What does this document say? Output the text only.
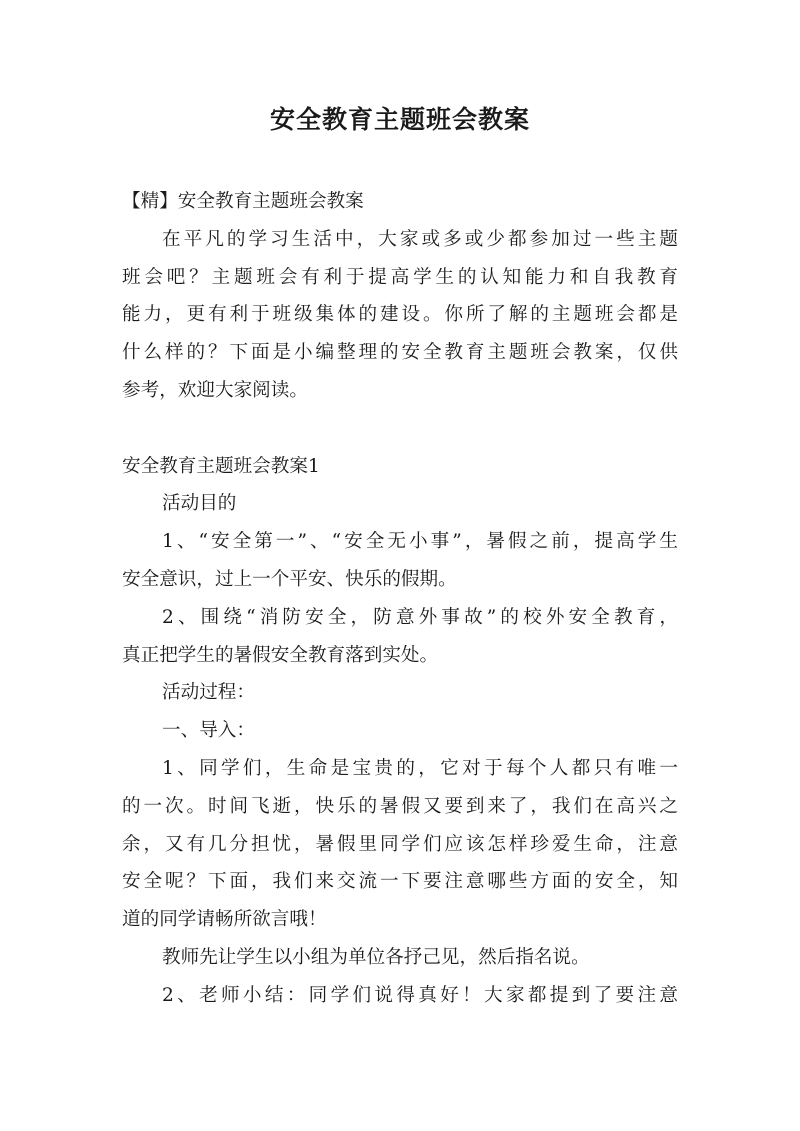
安全教育主题班会教案
【精】安全教育主题班会教案
在平凡的学习生活中，大家或多或少都参加过一些主题
班会吧？主题班会有利于提高学生的认知能力和自我教育
能力，更有利于班级集体的建设。你所了解的主题班会都是
什么样的？下面是小编整理的安全教育主题班会教案，仅供
参考，欢迎大家阅读。
安全教育主题班会教案1
活动目的
1、“安全第一”、“安全无小事”，暑假之前，提高学生
安全意识，过上一个平安、快乐的假期。
2、围绕“消防安全，防意外事故”的校外安全教育，
真正把学生的暑假安全教育落到实处。
活动过程：
一、导入：
1、同学们，生命是宝贵的，它对于每个人都只有唯一
的一次。时间飞逝，快乐的暑假又要到来了，我们在高兴之
余，又有几分担忧，暑假里同学们应该怎样珍爱生命，注意
安全呢？下面，我们来交流一下要注意哪些方面的安全，知
道的同学请畅所欲言哦！
教师先让学生以小组为单位各抒己见，然后指名说。
2、老师小结：同学们说得真好！大家都提到了要注意
